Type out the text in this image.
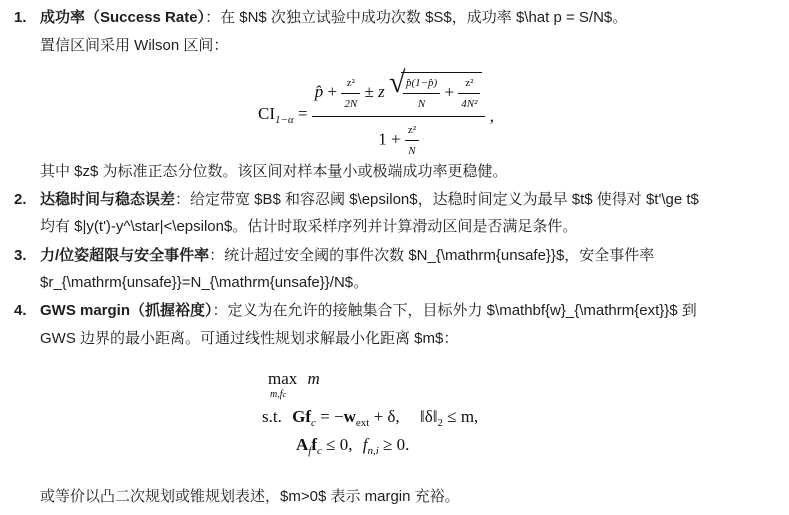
1. 成功率（Success Rate）：在 $N$ 次独立试验中成功次数 $S$，成功率 $\hat p = S/N$。
置信区间采用 Wilson 区间：
$CI_{1-\alpha}$ =
p̂ + $\frac{\text{z²}}{2N} \pm z$ √
$\frac{p̂(1-p̂)}{N} + \frac{\text{z²}}{\text{4N²}}$
$1 + \frac{\text{z²}}{N}$
,
其中 $z$ 为标准正态分位数。该区间对样本量小或极端成功率更稳健。
2. 达稳时间与稳态误差：给定带宽 $B$ 和容忍阈 $\epsilon$，达稳时间定义为最早 $t$ 使得对 $t'\ge t$
均有 $|y(t')-y^\star|<\epsilon$。估计时取采样序列并计算滑动区间是否满足条件。
3. 力/位姿超限与安全事件率：统计超过安全阈的事件次数 $N_{\mathrm{unsafe}}$，安全事件率
$r_{\mathrm{unsafe}}=N_{\mathrm{unsafe}}/N$。
4. GWS margin（抓握裕度）：定义为在允许的接触集合下，目标外力 $\mathbf{w}_{\mathrm{ext}}$ 到
GWS 边界的最小距离。可通过线性规划求解最小化距离 $m$：
max m
m,fc
s.t. $Gf_c = -w_{ext} + \delta$, $‖\delta‖_2 \le m$,
$A_ff_c \le 0$, $f_{n,i} \ge 0$.
或等价以凸二次规划或锥规划表述，$m>0$ 表示 margin 充裕。
